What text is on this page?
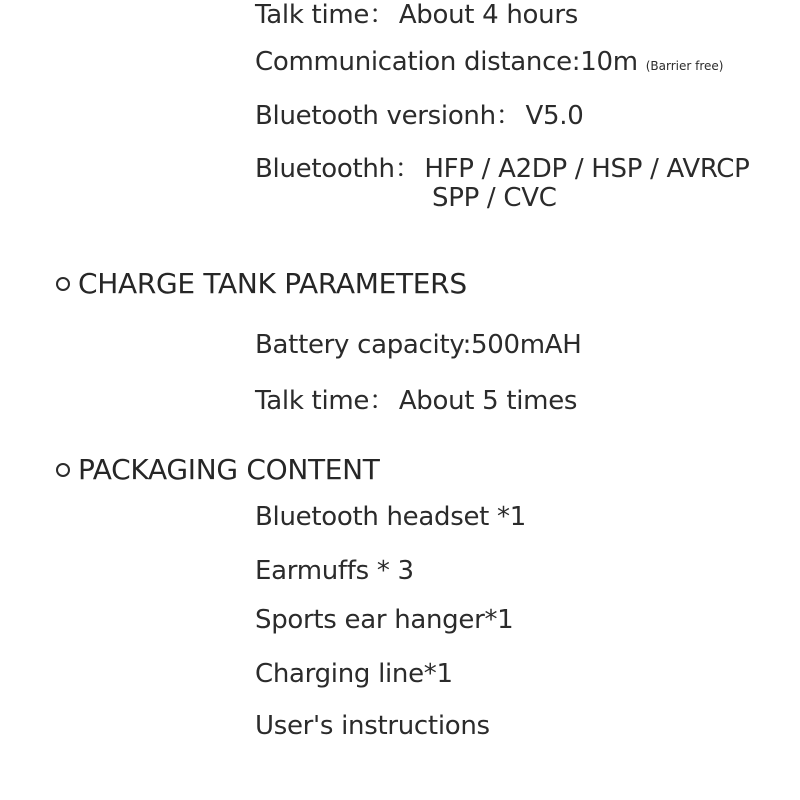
Talk time： About 4 hours
Communication distance:10m (Barrier free)
Bluetooth versionh： V5.0
Bluetoothh： HFP / A2DP / HSP / AVRCP
SPP / CVC
CHARGE TANK PARAMETERS
Battery capacity:500mAH
Talk time： About 5 times
PACKAGING CONTENT
Bluetooth headset *1
Earmuffs * 3
Sports ear hanger*1
Charging line*1
User's instructions
